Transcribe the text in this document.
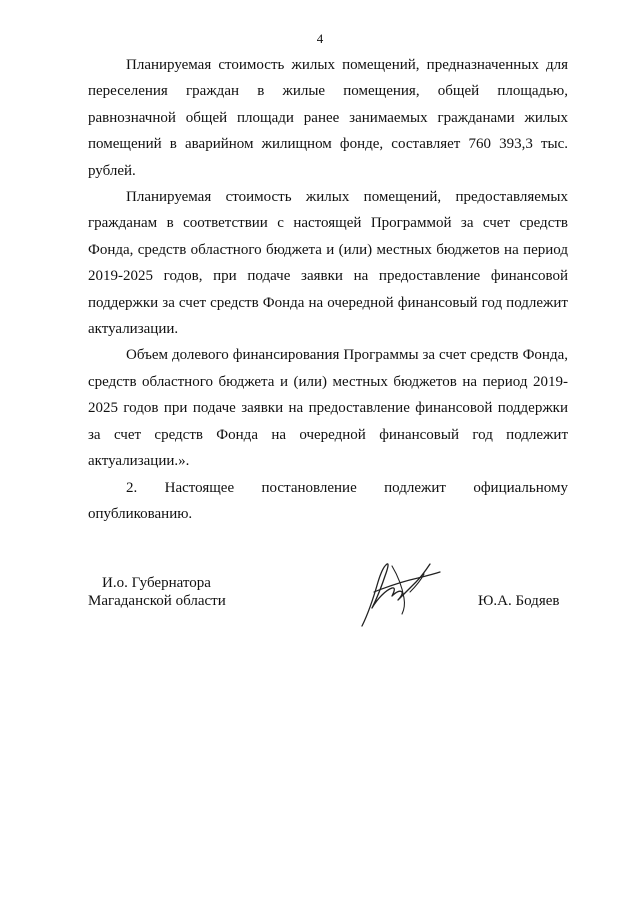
4

Планируемая стоимость жилых помещений, предназначенных для переселения граждан в жилые помещения, общей площадью, равнозначной общей площади ранее занимаемых гражданами жилых помещений в аварийном жилищном фонде, составляет 760 393,3 тыс. рублей.

Планируемая стоимость жилых помещений, предоставляемых гражданам в соответствии с настоящей Программой за счет средств Фонда, средств областного бюджета и (или) местных бюджетов на период 2019-2025 годов, при подаче заявки на предоставление финансовой поддержки за счет средств Фонда на очередной финансовый год подлежит актуализации.

Объем долевого финансирования Программы за счет средств Фонда, средств областного бюджета и (или) местных бюджетов на период 2019-2025 годов при подаче заявки на предоставление финансовой поддержки за счет средств Фонда на очередной финансовый год подлежит актуализации.».

2. Настоящее постановление подлежит официальному опубликованию.

И.о. Губернатора
Магаданской области	Ю.А. Бодяев
